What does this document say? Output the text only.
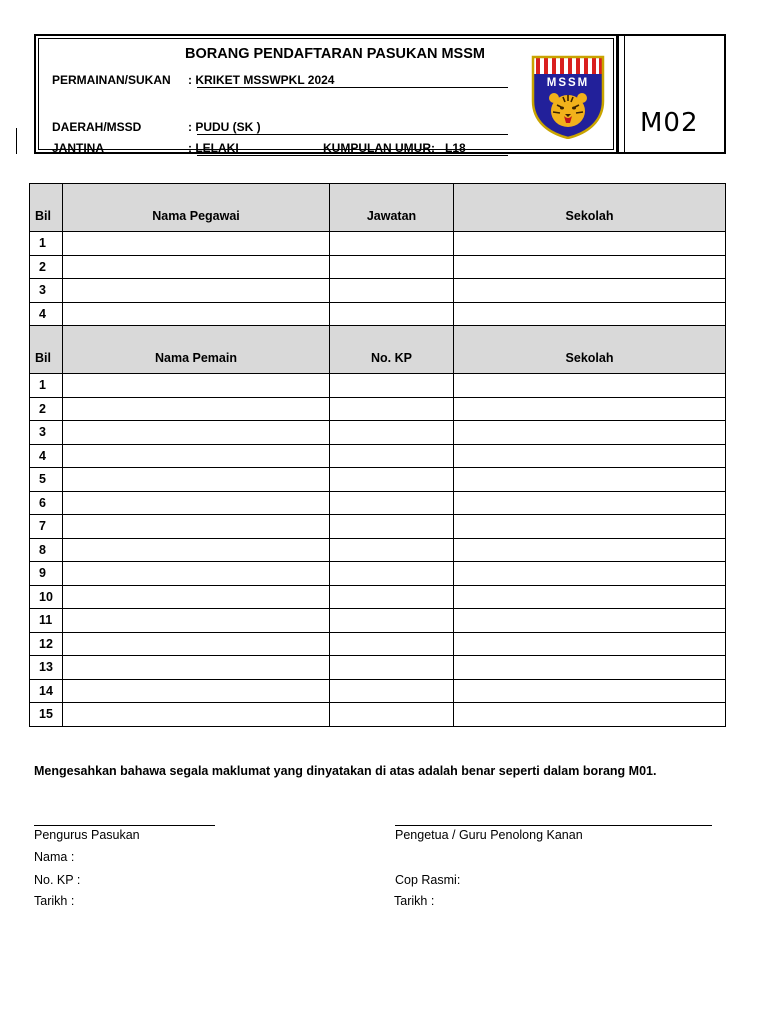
BORANG PENDAFTARAN PASUKAN MSSM
PERMAINAN/SUKAN : KRIKET MSSWPKL 2024
DAERAH/MSSD	: PUDU (SK )
JANTINA	: LELAKI	KUMPULAN UMUR: L18
MSSM
M02
Bil	Nama Pegawai	Jawatan	Sekolah
1			
2			
3			
4			
Bil	Nama Pemain	No. KP	Sekolah
1			
2			
3			
4			
5			
6			
7			
8			
9			
10			
11			
12			
13			
14			
15			
Mengesahkan bahawa segala maklumat yang dinyatakan di atas adalah benar seperti dalam borang M01.
Pengurus Pasukan
Nama :
No. KP :
Tarikh :
Pengetua / Guru Penolong Kanan
Cop Rasmi:
Tarikh :
